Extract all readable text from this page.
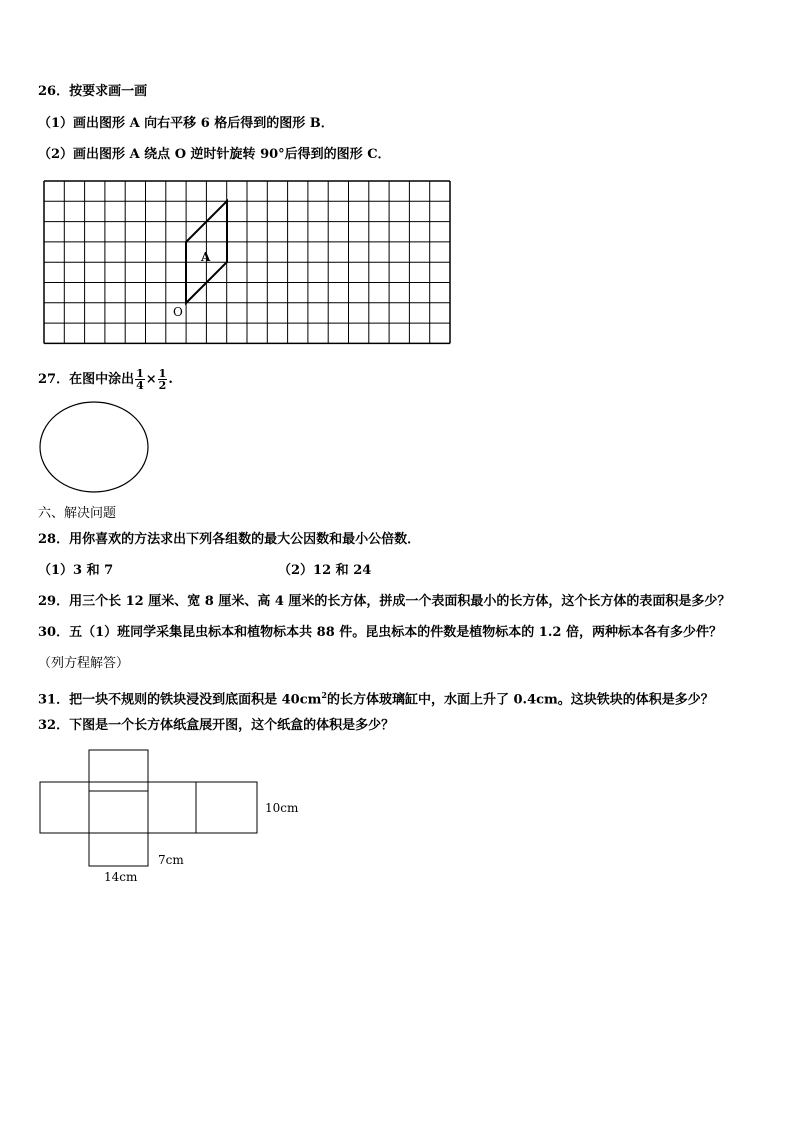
26．按要求画一画
（1）画出图形 A 向右平移 6 格后得到的图形 B．
（2）画出图形 A 绕点 O 逆时针旋转 90°后得到的图形 C．
A
O
27．在图中涂出 $\frac{1}{4} \times \frac{1}{2}$ .
六、解决问题
28．用你喜欢的方法求出下列各组数的最大公因数和最小公倍数．
（1）3 和 7	（2）12 和 24
29．用三个长 12 厘米、宽 8 厘米、高 4 厘米的长方体，拼成一个表面积最小的长方体，这个长方体的表面积是多少？
30．五（1）班同学采集昆虫标本和植物标本共 88 件。昆虫标本的件数是植物标本的 1.2 倍，两种标本各有多少件？
（列方程解答）
31．把一块不规则的铁块浸没到底面积是 $40cm^2$的长方体玻璃缸中，水面上升了 0.4cm。这块铁块的体积是多少？
32．下图是一个长方体纸盒展开图，这个纸盒的体积是多少？
10cm
7cm
14cm
